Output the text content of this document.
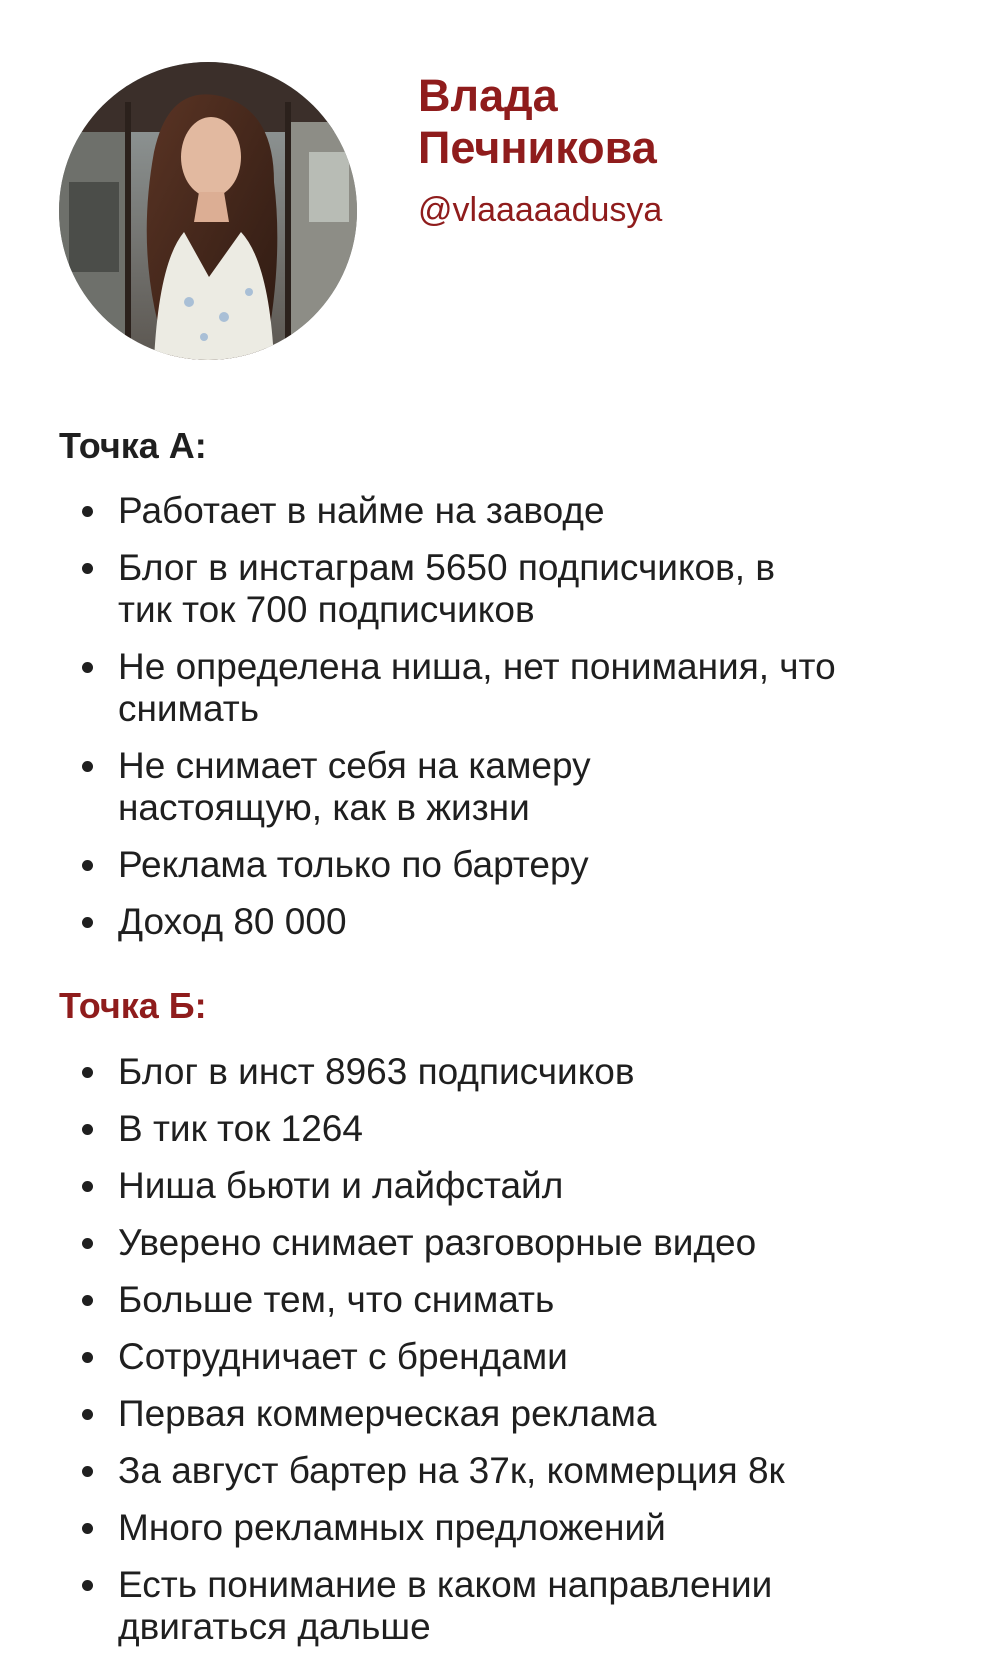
Влада
Печникова
@vlaaaaadusya
Точка А:
Работает в найме на заводе
Блог в инстаграм 5650 подписчиков, в тик ток 700 подписчиков
Не определена ниша, нет понимания, что снимать
Не снимает себя на камеру настоящую, как в жизни
Реклама только по бартеру
Доход 80 000
Точка Б:
Блог в инст 8963 подписчиков
В тик ток 1264
Ниша бьюти и лайфстайл
Уверено снимает разговорные видео
Больше тем, что снимать
Сотрудничает с брендами
Первая коммерческая реклама
За август бартер на 37к, коммерция 8к
Много рекламных предложений
Есть понимание в каком направлении двигаться дальше
